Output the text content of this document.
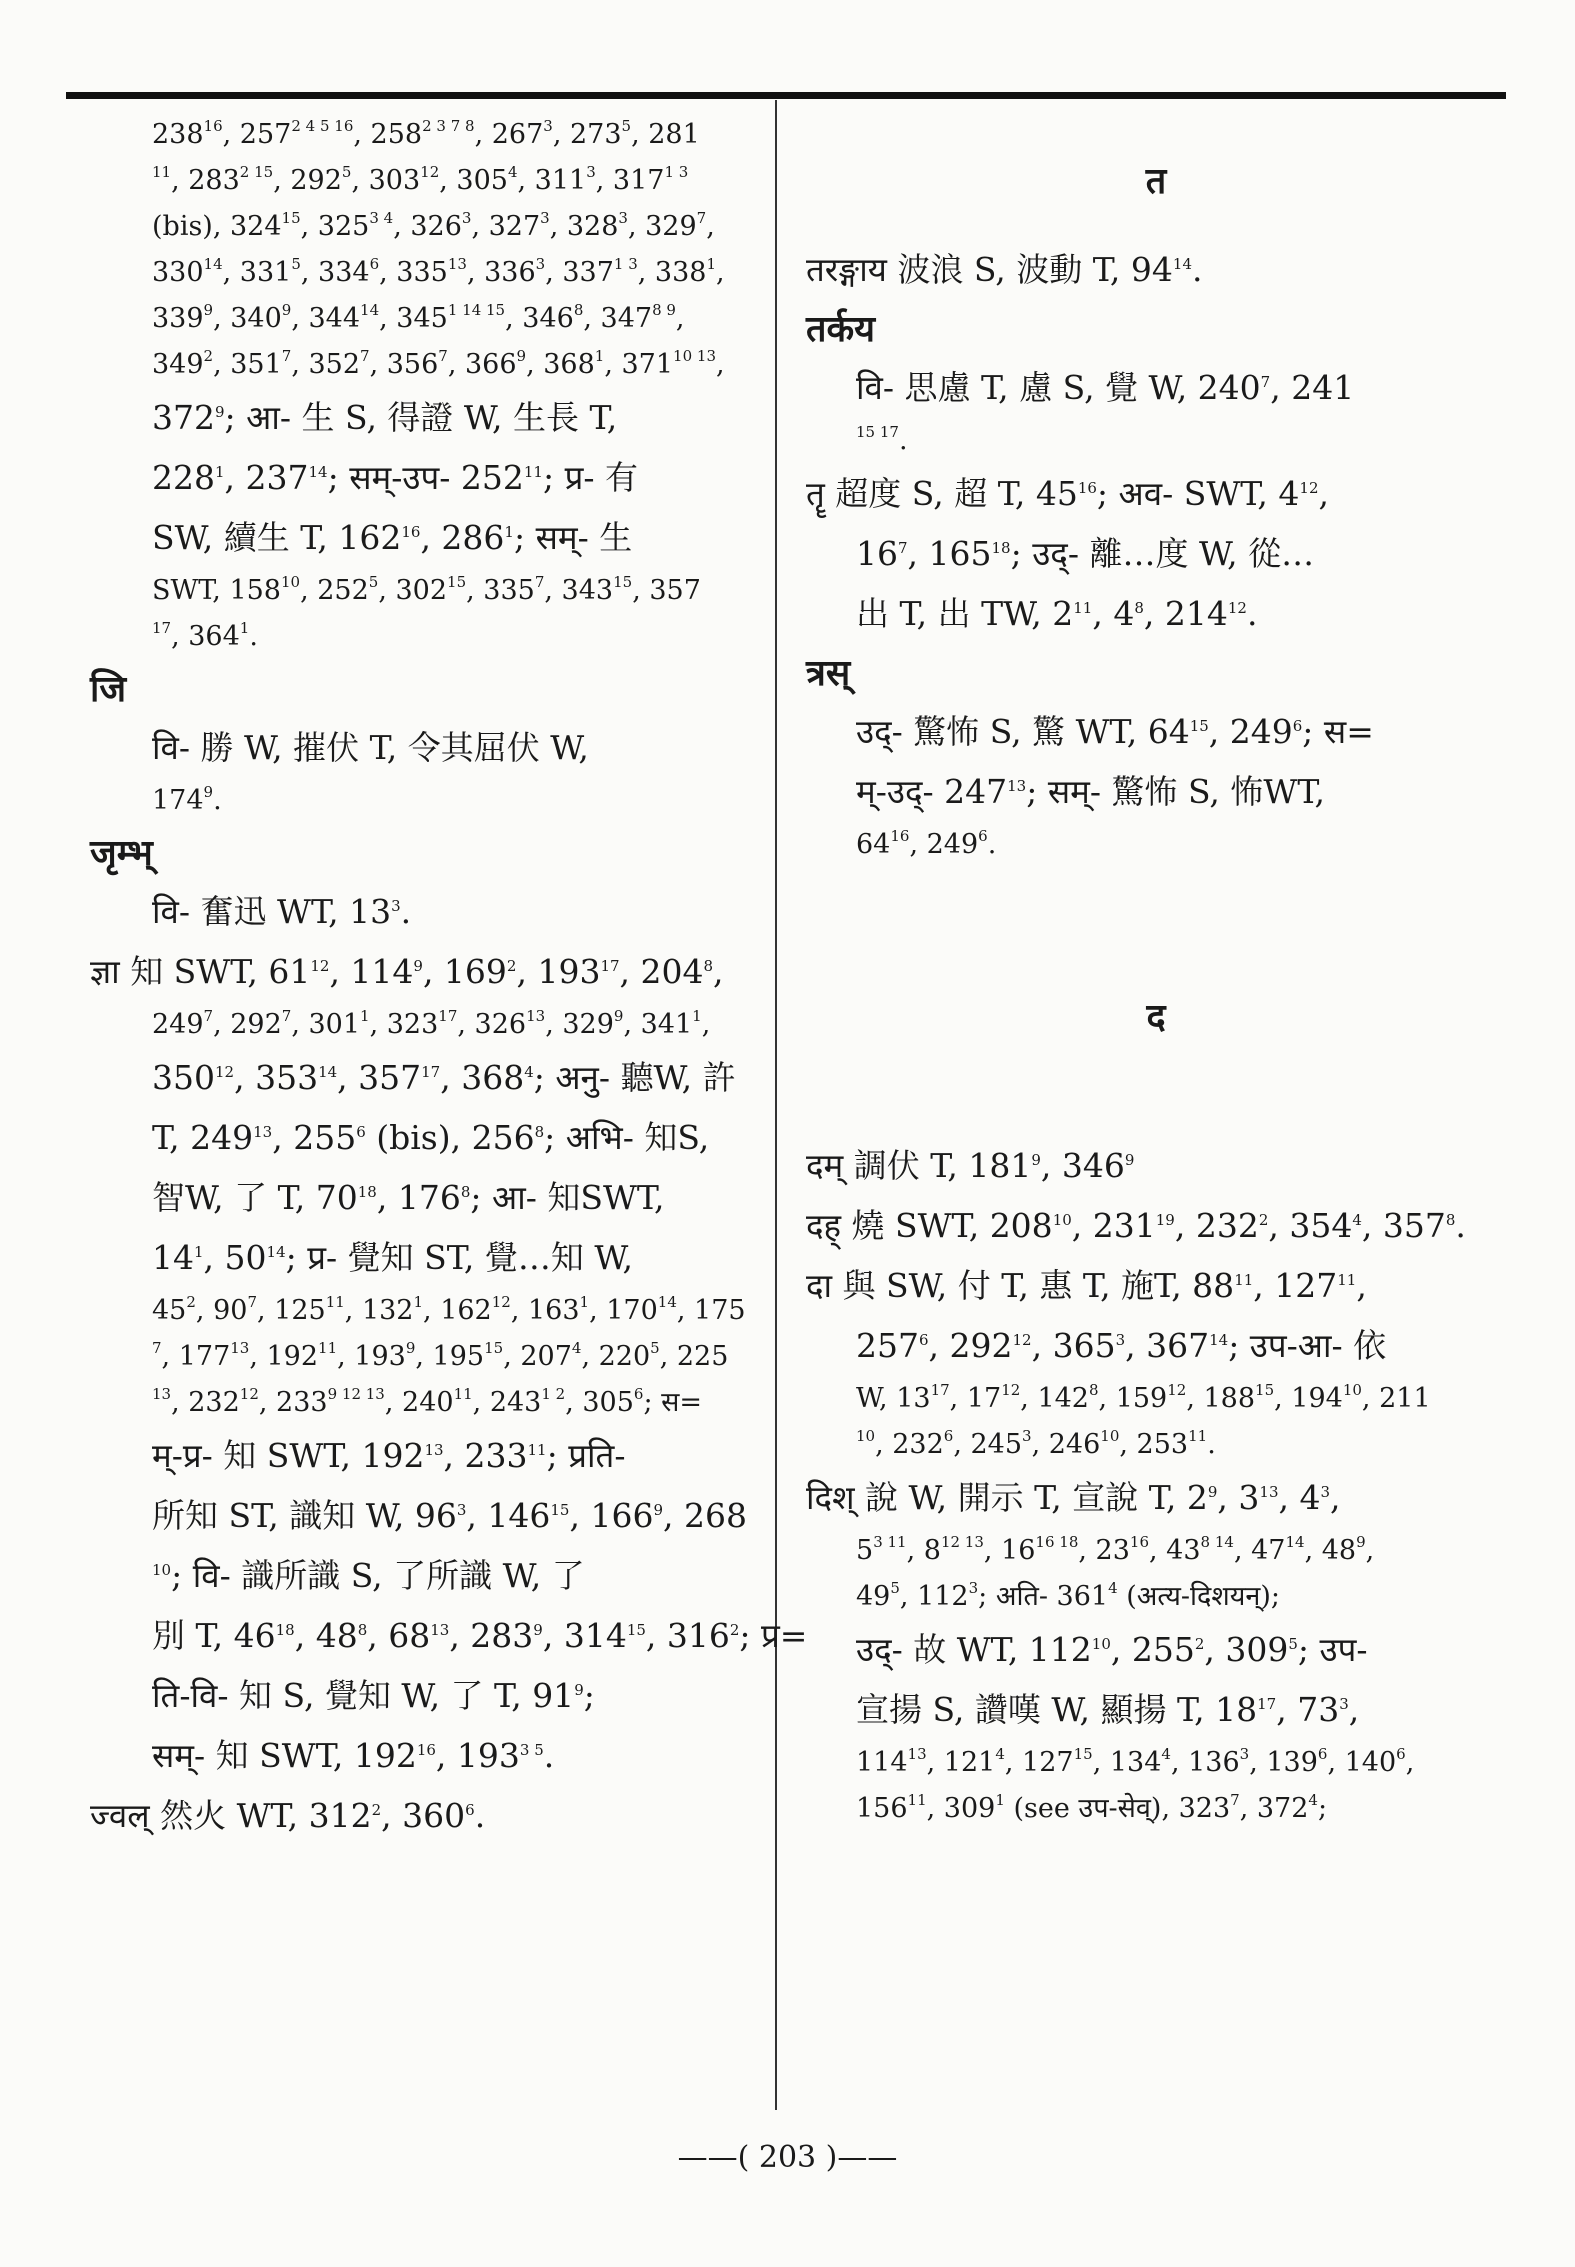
$238^{16}$, $257^{2 4 5 16}$, $258^{2 3 7 8}$, $267^3$, $273^5$, 281
$^{11}$, $283^{2 15}$, $292^5$, $303^{12}$, $305^4$, $311^3$, $317^{1 3}$
(bis), $324^{15}$, $325^{3 4}$, $326^3$, $327^3$, $328^3$, $329^7$,
$330^{14}$, $331^5$, $334^6$, $335^{13}$, $336^3$, $337^{1 3}$, $338^1$,
$339^9$, $340^9$, $344^{14}$, $345^{1 14 15}$, $346^8$, $347^{8 9}$,
$349^2$, $351^7$, $352^7$, $356^7$, $366^9$, $368^1$, $371^{10 13}$,
$372^9$; आ- 生 S, 得證 W, 生長 T,
$228^1$, $237^{14}$; सम्-उप- $252^{11}$; प्र- 有
SW, 續生 T, $162^{16}$, $286^1$; सम्- 生
SWT, $158^{10}$, $252^5$, $302^{15}$, $335^7$, $343^{15}$, 357
$^{17}$, $364^1$.
जि
वि- 勝 W, 摧伏 T, 令其屈伏 W,
$174^9$.
जृम्भ्
वि- 奮迅 WT, $13^3$.
ज्ञा 知 SWT, $61^{12}$, $114^9$, $169^2$, $193^{17}$, $204^8$,
$249^7$, $292^7$, $301^1$, $323^{17}$, $326^{13}$, $329^9$, $341^1$,
$350^{12}$, $353^{14}$, $357^{17}$, $368^4$; अनु- 聽W, 許
T, $249^{13}$, $255^6$ (bis), $256^8$; अभि- 知S,
智W, 了 T, $70^{18}$, $176^8$; आ- 知SWT,
$14^1$, $50^{14}$; प्र- 覺知 ST, 覺…知 W,
$45^2$, $90^7$, $125^{11}$, $132^1$, $162^{12}$, $163^1$, $170^{14}$, 175
$^7$, $177^{13}$, $192^{11}$, $193^9$, $195^{15}$, $207^4$, $220^5$, 225
$^{13}$, $232^{12}$, $233^{9 12 13}$, $240^{11}$, $243^{1 2}$, $305^6$; स=
म्-प्र- 知 SWT, $192^{13}$, $233^{11}$; प्रति-
所知 ST, 識知 W, $96^3$, $146^{15}$, $166^9$, 268
$^{10}$; वि- 識所識 S, 了所識 W, 了
別 T, $46^{18}$, $48^8$, $68^{13}$, $283^9$, $314^{15}$, $316^2$; प्र=
ति-वि- 知 S, 覺知 W, 了 T, $91^9$;
सम्- 知 SWT, $192^{16}$, $193^{3 5}$.
ज्वल् 然火 WT, $312^2$, $360^6$.
त
तरङ्गाय 波浪 S, 波動 T, $94^{14}$.
तर्कय
वि- 思慮 T, 慮 S, 覺 W, $240^7$, 241
$^{15 17}$.
तॄ 超度 S, 超 T, $45^{16}$; अव- SWT, $4^{12}$,
$16^7$, $165^{18}$; उद्- 離…度 W, 從…
出 T, 出 TW, $2^{11}$, $4^8$, $214^{12}$.
त्रस्
उद्- 驚怖 S, 驚 WT, $64^{15}$, $249^6$; स=
म्-उद्- $247^{13}$; सम्- 驚怖 S, 怖WT,
$64^{16}$, $249^6$.
द
दम् 調伏 T, $181^9$, $346^9$
दह् 燒 SWT, $208^{10}$, $231^{19}$, $232^2$, $354^4$, $357^8$.
दा 與 SW, 付 T, 惠 T, 施T, $88^{11}$, $127^{11}$,
$257^6$, $292^{12}$, $365^3$, $367^{14}$; उप-आ- 依
W, $13^{17}$, $17^{12}$, $142^8$, $159^{12}$, $188^{15}$, $194^{10}$, 211
$^{10}$, $232^6$, $245^3$, $246^{10}$, $253^{11}$.
दिश् 說 W, 開示 T, 宣說 T, $2^9$, $3^{13}$, $4^3$,
$5^{3 11}$, $8^{12 13}$, $16^{16 18}$, $23^{16}$, $43^{8 14}$, $47^{14}$, $48^9$,
$49^5$, $112^3$; अति- $361^4$ (अत्य-दिशयन्);
उद्- 故 WT, $112^{10}$, $255^2$, $309^5$; उप-
宣揚 S, 讚嘆 W, 顯揚 T, $18^{17}$, $73^3$,
$114^{13}$, $121^4$, $127^{15}$, $134^4$, $136^3$, $139^6$, $140^6$,
$156^{11}$, $309^1$ (see उप-सेव्), $323^7$, $372^4$;
——( 203 )——
